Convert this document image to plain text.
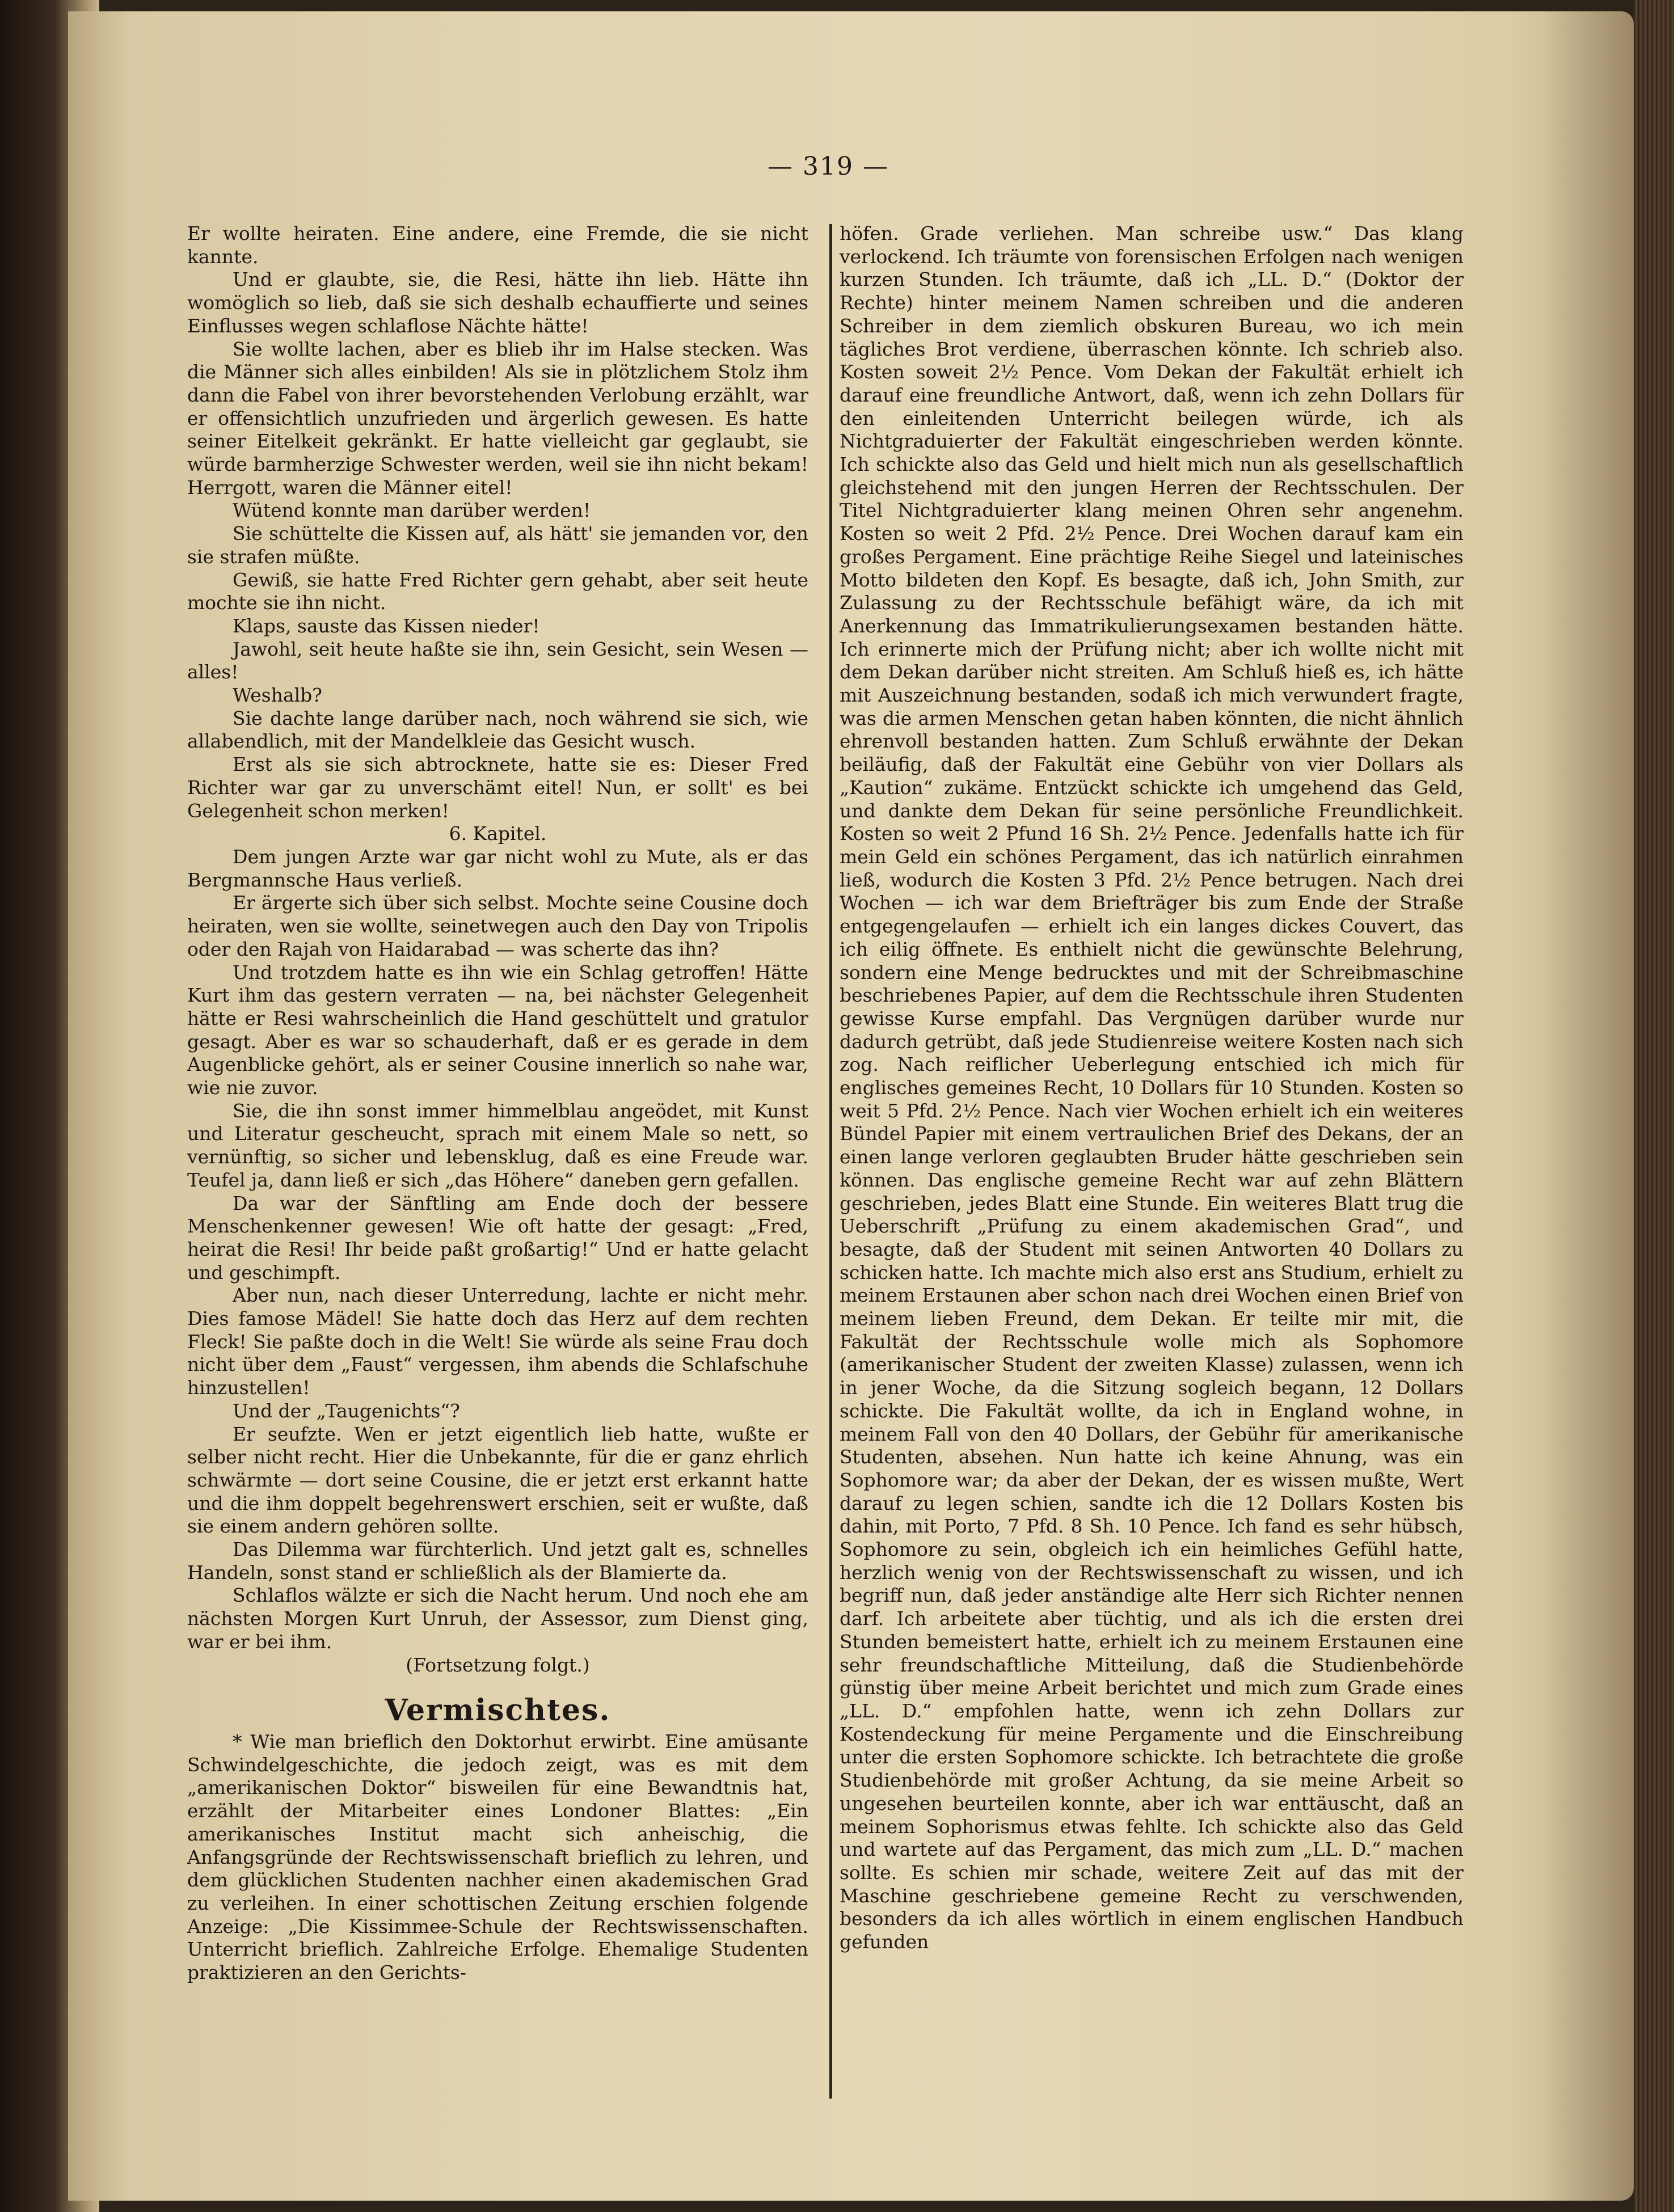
— 319 —

Er wollte heiraten. Eine andere, eine Fremde, die sie nicht kannte.

Und er glaubte, sie, die Resi, hätte ihn lieb. Hätte ihn womöglich so lieb, daß sie sich deshalb echauffierte und seines Einflusses wegen schlaflose Nächte hätte!

Sie wollte lachen, aber es blieb ihr im Halse stecken. Was die Männer sich alles einbilden! Als sie in plötzlichem Stolz ihm dann die Fabel von ihrer bevorstehenden Verlobung erzählt, war er offensichtlich unzufrieden und ärgerlich gewesen. Es hatte seiner Eitelkeit gekränkt. Er hatte vielleicht gar geglaubt, sie würde barmherzige Schwester werden, weil sie ihn nicht bekam! Herrgott, waren die Männer eitel!

Wütend konnte man darüber werden!

Sie schüttelte die Kissen auf, als hätt' sie jemanden vor, den sie strafen müßte.

Gewiß, sie hatte Fred Richter gern gehabt, aber seit heute mochte sie ihn nicht.

Klaps, sauste das Kissen nieder!

Jawohl, seit heute haßte sie ihn, sein Gesicht, sein Wesen — alles!

Weshalb?

Sie dachte lange darüber nach, noch während sie sich, wie allabendlich, mit der Mandelkleie das Gesicht wusch.

Erst als sie sich abtrocknete, hatte sie es: Dieser Fred Richter war gar zu unverschämt eitel! Nun, er sollt' es bei Gelegenheit schon merken!

6. Kapitel.

Dem jungen Arzte war gar nicht wohl zu Mute, als er das Bergmannsche Haus verließ.

Er ärgerte sich über sich selbst. Mochte seine Cousine doch heiraten, wen sie wollte, seinetwegen auch den Day von Tripolis oder den Rajah von Haidarabad — was scherte das ihn?

Und trotzdem hatte es ihn wie ein Schlag getroffen! Hätte Kurt ihm das gestern verraten — na, bei nächster Gelegenheit hätte er Resi wahrscheinlich die Hand geschüttelt und gratulor gesagt. Aber es war so schauderhaft, daß er es gerade in dem Augenblicke gehört, als er seiner Cousine innerlich so nahe war, wie nie zuvor.

Sie, die ihn sonst immer himmelblau angeödet, mit Kunst und Literatur gescheucht, sprach mit einem Male so nett, so vernünftig, so sicher und lebensklug, daß es eine Freude war. Teufel ja, dann ließ er sich „das Höhere“ daneben gern gefallen.

Da war der Sänftling am Ende doch der bessere Menschenkenner gewesen! Wie oft hatte der gesagt: „Fred, heirat die Resi! Ihr beide paßt großartig!“ Und er hatte gelacht und geschimpft.

Aber nun, nach dieser Unterredung, lachte er nicht mehr. Dies famose Mädel! Sie hatte doch das Herz auf dem rechten Fleck! Sie paßte doch in die Welt! Sie würde als seine Frau doch nicht über dem „Faust“ vergessen, ihm abends die Schlafschuhe hinzustellen!

Und der „Taugenichts“?

Er seufzte. Wen er jetzt eigentlich lieb hatte, wußte er selber nicht recht. Hier die Unbekannte, für die er ganz ehrlich schwärmte — dort seine Cousine, die er jetzt erst erkannt hatte und die ihm doppelt begehrenswert erschien, seit er wußte, daß sie einem andern gehören sollte.

Das Dilemma war fürchterlich. Und jetzt galt es, schnelles Handeln, sonst stand er schließlich als der Blamierte da.

Schlaflos wälzte er sich die Nacht herum. Und noch ehe am nächsten Morgen Kurt Unruh, der Assessor, zum Dienst ging, war er bei ihm.

(Fortsetzung folgt.)

Vermischtes.

* Wie man brieflich den Doktorhut erwirbt. Eine amüsante Schwindelgeschichte, die jedoch zeigt, was es mit dem „amerikanischen Doktor“ bisweilen für eine Bewandtnis hat, erzählt der Mitarbeiter eines Londoner Blattes: „Ein amerikanisches Institut macht sich anheischig, die Anfangsgründe der Rechtswissenschaft brieflich zu lehren, und dem glücklichen Studenten nachher einen akademischen Grad zu verleihen. In einer schottischen Zeitung erschien folgende Anzeige: „Die Kissimmee-Schule der Rechtswissenschaften. Unterricht brieflich. Zahlreiche Erfolge. Ehemalige Studenten praktizieren an den Gerichts-

höfen. Grade verliehen. Man schreibe usw.“ Das klang verlockend. Ich träumte von forensischen Erfolgen nach wenigen kurzen Stunden. Ich träumte, daß ich „LL. D.“ (Doktor der Rechte) hinter meinem Namen schreiben und die anderen Schreiber in dem ziemlich obskuren Bureau, wo ich mein tägliches Brot verdiene, überraschen könnte. Ich schrieb also. Kosten soweit 2½ Pence. Vom Dekan der Fakultät erhielt ich darauf eine freundliche Antwort, daß, wenn ich zehn Dollars für den einleitenden Unterricht beilegen würde, ich als Nichtgraduierter der Fakultät eingeschrieben werden könnte. Ich schickte also das Geld und hielt mich nun als gesellschaftlich gleichstehend mit den jungen Herren der Rechtsschulen. Der Titel Nichtgraduierter klang meinen Ohren sehr angenehm. Kosten so weit 2 Pfd. 2½ Pence. Drei Wochen darauf kam ein großes Pergament. Eine prächtige Reihe Siegel und lateinisches Motto bildeten den Kopf. Es besagte, daß ich, John Smith, zur Zulassung zu der Rechtsschule befähigt wäre, da ich mit Anerkennung das Immatrikulierungsexamen bestanden hätte. Ich erinnerte mich der Prüfung nicht; aber ich wollte nicht mit dem Dekan darüber nicht streiten. Am Schluß hieß es, ich hätte mit Auszeichnung bestanden, sodaß ich mich verwundert fragte, was die armen Menschen getan haben könnten, die nicht ähnlich ehrenvoll bestanden hatten. Zum Schluß erwähnte der Dekan beiläufig, daß der Fakultät eine Gebühr von vier Dollars als „Kaution“ zukäme. Entzückt schickte ich umgehend das Geld, und dankte dem Dekan für seine persönliche Freundlichkeit. Kosten so weit 2 Pfund 16 Sh. 2½ Pence. Jedenfalls hatte ich für mein Geld ein schönes Pergament, das ich natürlich einrahmen ließ, wodurch die Kosten 3 Pfd. 2½ Pence betrugen. Nach drei Wochen — ich war dem Briefträger bis zum Ende der Straße entgegengelaufen — erhielt ich ein langes dickes Couvert, das ich eilig öffnete. Es enthielt nicht die gewünschte Belehrung, sondern eine Menge bedrucktes und mit der Schreibmaschine beschriebenes Papier, auf dem die Rechtsschule ihren Studenten gewisse Kurse empfahl. Das Vergnügen darüber wurde nur dadurch getrübt, daß jede Studienreise weitere Kosten nach sich zog. Nach reiflicher Ueberlegung entschied ich mich für englisches gemeines Recht, 10 Dollars für 10 Stunden. Kosten so weit 5 Pfd. 2½ Pence. Nach vier Wochen erhielt ich ein weiteres Bündel Papier mit einem vertraulichen Brief des Dekans, der an einen lange verloren geglaubten Bruder hätte geschrieben sein können. Das englische gemeine Recht war auf zehn Blättern geschrieben, jedes Blatt eine Stunde. Ein weiteres Blatt trug die Ueberschrift „Prüfung zu einem akademischen Grad“, und besagte, daß der Student mit seinen Antworten 40 Dollars zu schicken hatte. Ich machte mich also erst ans Studium, erhielt zu meinem Erstaunen aber schon nach drei Wochen einen Brief von meinem lieben Freund, dem Dekan. Er teilte mir mit, die Fakultät der Rechtsschule wolle mich als Sophomore (amerikanischer Student der zweiten Klasse) zulassen, wenn ich in jener Woche, da die Sitzung sogleich begann, 12 Dollars schickte. Die Fakultät wollte, da ich in England wohne, in meinem Fall von den 40 Dollars, der Gebühr für amerikanische Studenten, absehen. Nun hatte ich keine Ahnung, was ein Sophomore war; da aber der Dekan, der es wissen mußte, Wert darauf zu legen schien, sandte ich die 12 Dollars Kosten bis dahin, mit Porto, 7 Pfd. 8 Sh. 10 Pence. Ich fand es sehr hübsch, Sophomore zu sein, obgleich ich ein heimliches Gefühl hatte, herzlich wenig von der Rechtswissenschaft zu wissen, und ich begriff nun, daß jeder anständige alte Herr sich Richter nennen darf. Ich arbeitete aber tüchtig, und als ich die ersten drei Stunden bemeistert hatte, erhielt ich zu meinem Erstaunen eine sehr freundschaftliche Mitteilung, daß die Studienbehörde günstig über meine Arbeit berichtet und mich zum Grade eines „LL. D.“ empfohlen hatte, wenn ich zehn Dollars zur Kostendeckung für meine Pergamente und die Einschreibung unter die ersten Sophomore schickte. Ich betrachtete die große Studienbehörde mit großer Achtung, da sie meine Arbeit so ungesehen beurteilen konnte, aber ich war enttäuscht, daß an meinem Sophorismus etwas fehlte. Ich schickte also das Geld und wartete auf das Pergament, das mich zum „LL. D.“ machen sollte. Es schien mir schade, weitere Zeit auf das mit der Maschine geschriebene gemeine Recht zu verschwenden, besonders da ich alles wörtlich in einem englischen Handbuch gefunden
